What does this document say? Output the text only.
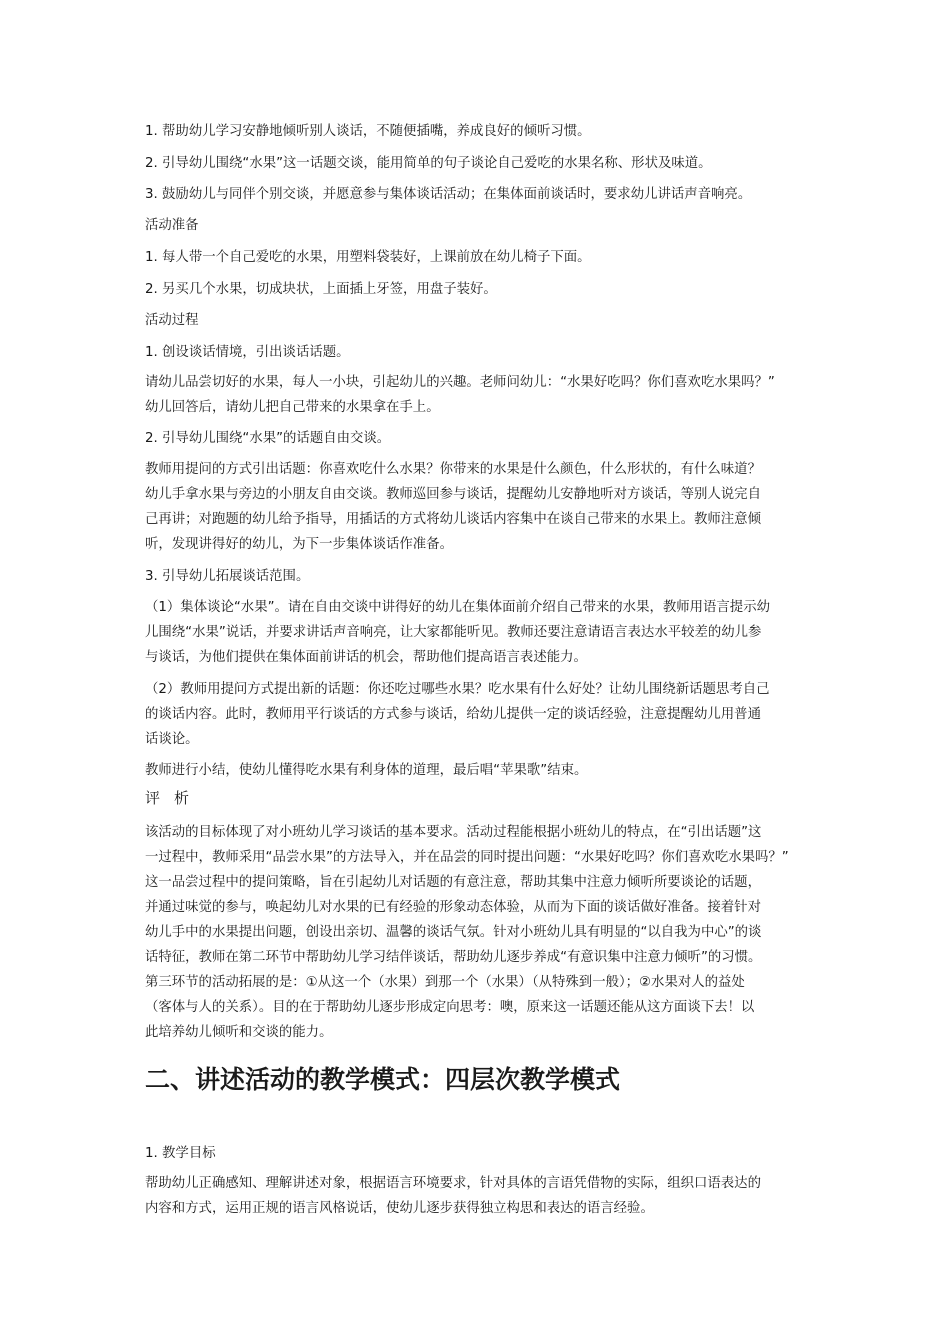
1. 帮助幼儿学习安静地倾听别人谈话，不随便插嘴，养成良好的倾听习惯。
2. 引导幼儿围绕“水果”这一话题交谈，能用简单的句子谈论自己爱吃的水果名称、形状及味道。
3. 鼓励幼儿与同伴个别交谈，并愿意参与集体谈话活动；在集体面前谈话时，要求幼儿讲话声音响亮。
活动准备
1. 每人带一个自己爱吃的水果，用塑料袋装好，上课前放在幼儿椅子下面。
2. 另买几个水果，切成块状，上面插上牙签，用盘子装好。
活动过程
1. 创设谈话情境，引出谈话话题。
请幼儿品尝切好的水果，每人一小块，引起幼儿的兴趣。老师问幼儿：“水果好吃吗？你们喜欢吃水果吗？”
幼儿回答后，请幼儿把自己带来的水果拿在手上。
2. 引导幼儿围绕“水果”的话题自由交谈。
教师用提问的方式引出话题：你喜欢吃什么水果？你带来的水果是什么颜色，什么形状的，有什么味道？
幼儿手拿水果与旁边的小朋友自由交谈。教师巡回参与谈话，提醒幼儿安静地听对方谈话，等别人说完自
己再讲；对跑题的幼儿给予指导，用插话的方式将幼儿谈话内容集中在谈自己带来的水果上。教师注意倾
听，发现讲得好的幼儿，为下一步集体谈话作准备。
3. 引导幼儿拓展谈话范围。
（1）集体谈论“水果”。请在自由交谈中讲得好的幼儿在集体面前介绍自己带来的水果，教师用语言提示幼
儿围绕“水果”说话，并要求讲话声音响亮，让大家都能听见。教师还要注意请语言表达水平较差的幼儿参
与谈话，为他们提供在集体面前讲话的机会，帮助他们提高语言表述能力。
（2）教师用提问方式提出新的话题：你还吃过哪些水果？吃水果有什么好处？让幼儿围绕新话题思考自己
的谈话内容。此时，教师用平行谈话的方式参与谈话，给幼儿提供一定的谈话经验，注意提醒幼儿用普通
话谈论。
教师进行小结，使幼儿懂得吃水果有利身体的道理，最后唱“苹果歌”结束。
评析
该活动的目标体现了对小班幼儿学习谈话的基本要求。活动过程能根据小班幼儿的特点，在“引出话题”这
一过程中，教师采用“品尝水果”的方法导入，并在品尝的同时提出问题：“水果好吃吗？你们喜欢吃水果吗？”
这一品尝过程中的提问策略，旨在引起幼儿对话题的有意注意，帮助其集中注意力倾听所要谈论的话题，
并通过味觉的参与，唤起幼儿对水果的已有经验的形象动态体验，从而为下面的谈话做好准备。接着针对
幼儿手中的水果提出问题，创设出亲切、温馨的谈话气氛。针对小班幼儿具有明显的“以自我为中心”的谈
话特征，教师在第二环节中帮助幼儿学习结伴谈话，帮助幼儿逐步养成“有意识集中注意力倾听”的习惯。
第三环节的活动拓展的是：①从这一个（水果）到那一个（水果）（从特殊到一般）；②水果对人的益处
（客体与人的关系）。目的在于帮助幼儿逐步形成定向思考：噢，原来这一话题还能从这方面谈下去！以
此培养幼儿倾听和交谈的能力。
二、讲述活动的教学模式：四层次教学模式
1. 教学目标
帮助幼儿正确感知、理解讲述对象，根据语言环境要求，针对具体的言语凭借物的实际，组织口语表达的
内容和方式，运用正规的语言风格说话，使幼儿逐步获得独立构思和表达的语言经验。
